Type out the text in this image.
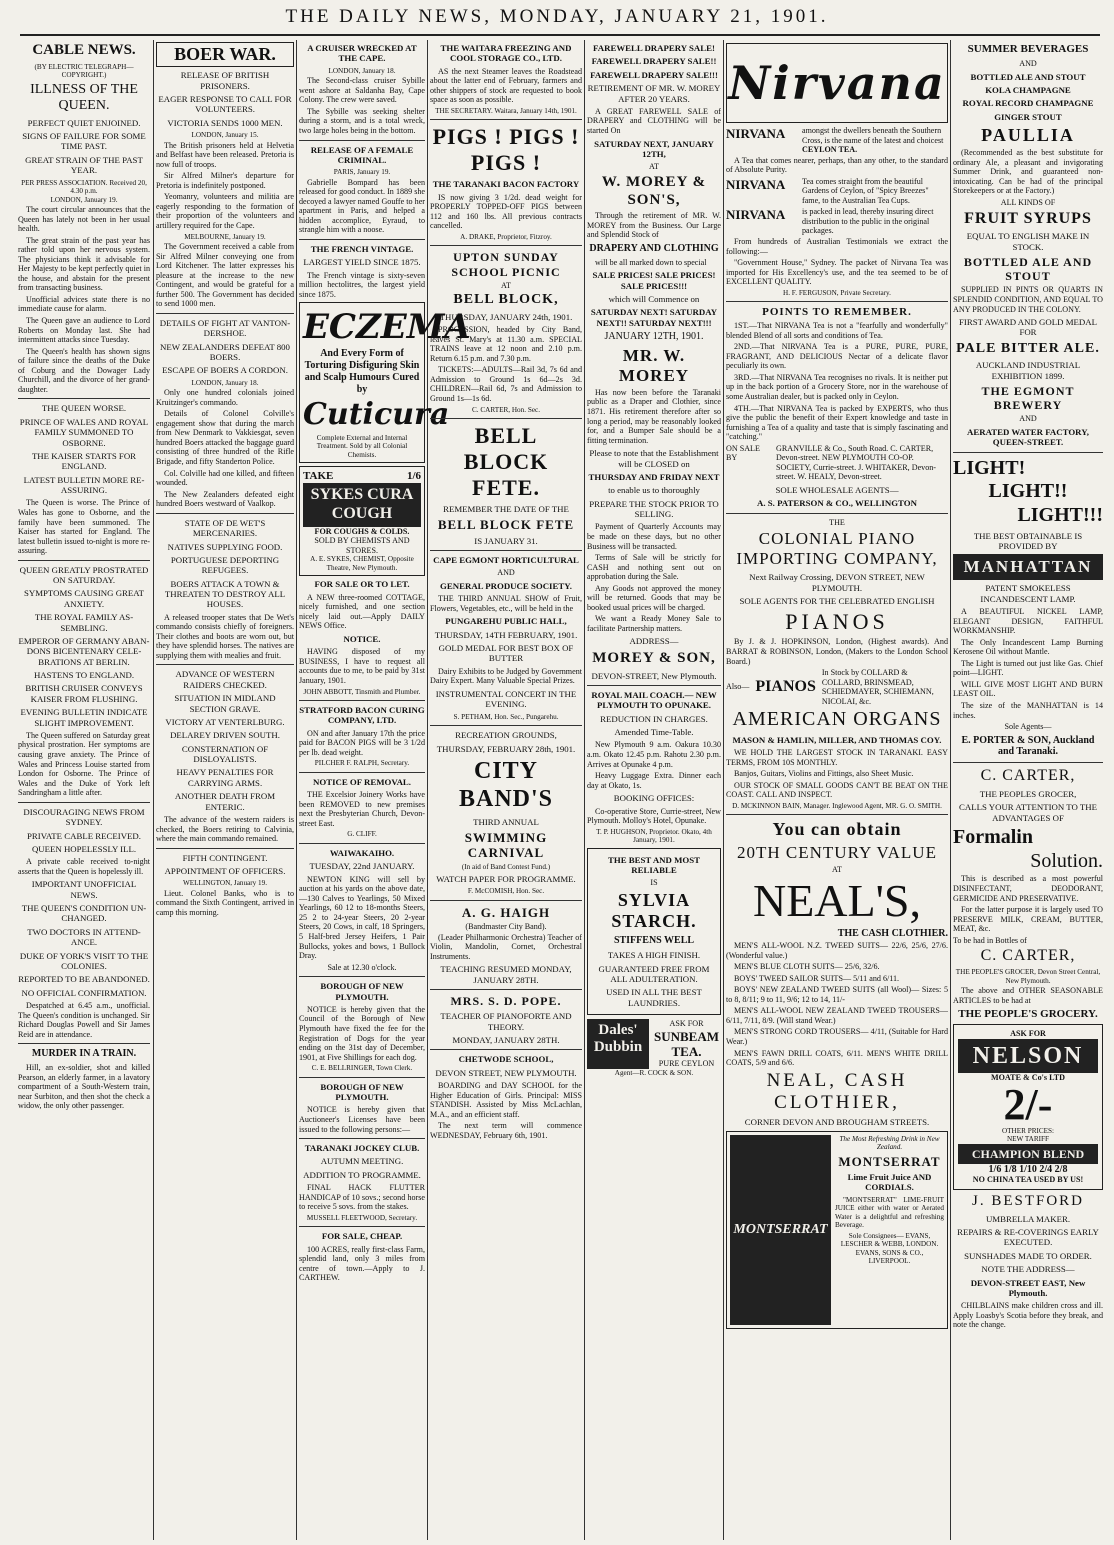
THE DAILY NEWS, MONDAY, JANUARY 21, 1901.
CABLE NEWS.
(BY ELECTRIC TELEGRAPH—COPYRIGHT.)
ILLNESS OF THE QUEEN.
PERFECT QUIET ENJOINED.
SIGNS OF FAILURE FOR SOME TIME PAST.
GREAT STRAIN OF THE PAST YEAR.
PER PRESS ASSOCIATION. Received 20, 4.30 p.m.
LONDON, January 19.

The court circular announces that the Queen has lately not been in her usual health.

The great strain of the past year has rather told upon her nervous system. The physicians think it advisable for Her Majesty to be kept perfectly quiet in the house, and abstain for the present from transacting business.

Unofficial advices state there is no immediate cause for alarm.

The Queen gave an audience to Lord Roberts on Monday last. She had intermittent attacks since Tuesday.

The Queen's health has shown signs of failure since the deaths of the Duke of Coburg and the Dowager Lady Churchill, and the divorce of her grand-daughter.

THE QUEEN WORSE.
PRINCE OF WALES AND ROYAL FAMILY SUMMONED TO OSBORNE.
THE KAISER STARTS FOR ENGLAND.
LATEST BULLETIN MORE RE-ASSURING.

The Queen is worse. The Prince of Wales has gone to Osborne, and the family have been summoned. The Kaiser has started for England. The latest bulletin issued to-night is more re-assuring.

QUEEN GREATLY PROSTRATED ON SATURDAY.
SYMPTOMS CAUSING GREAT ANXIETY.
THE ROYAL FAMILY AS-SEMBLING.
EMPEROR OF GERMANY ABAN-DONS BICENTENARY CELE-BRATIONS AT BERLIN.
HASTENS TO ENGLAND.
BRITISH CRUISER CONVEYS KAISER FROM FLUSHING.
EVENING BULLETIN INDICATE SLIGHT IMPROVEMENT.

The Queen suffered on Saturday great physical prostration. Her symptoms are causing grave anxiety. The Prince of Wales and Princess Louise started from London for Osborne. The Prince of Wales and the Duke of York left Sandringham a little after.

DISCOURAGING NEWS FROM SYDNEY.
PRIVATE CABLE RECEIVED.
QUEEN HOPELESSLY ILL.

A private cable received to-night asserts that the Queen is hopelessly ill.

IMPORTANT UNOFFICIAL NEWS.
THE QUEEN'S CONDITION UN-CHANGED.
TWO DOCTORS IN ATTEND-ANCE.
DUKE OF YORK'S VISIT TO THE COLONIES.
REPORTED TO BE ABANDONED.
NO OFFICIAL CONFIRMATION.

Despatched at 6.45 a.m., unofficial. The Queen's condition is unchanged. Sir Richard Douglas Powell and Sir James Reid are in attendance.

MURDER IN A TRAIN.

Hill, an ex-soldier, shot and killed Pearson, an elderly farmer, in a lavatory compartment of a South-Western train, near Surbiton, and then shot the check a widow, the only other passenger.

BOER WAR.
RELEASE OF BRITISH PRISONERS.
EAGER RESPONSE TO CALL FOR VOLUNTEERS.
VICTORIA SENDS 1000 MEN.
LONDON, January 15.

The British prisoners held at Helvetia and Belfast have been released. Pretoria is now full of troops.

Sir Alfred Milner's departure for Pretoria is indefinitely postponed.

Yeomanry, volunteers and militia are eagerly responding to the formation of their proportion of the volunteers and artillery required for the Cape.

MELBOURNE, January 19.

The Government received a cable from Sir Alfred Milner conveying one from Lord Kitchener. The latter expresses his pleasure at the increase to the new Contingent, and would be grateful for a further 500. The Government has decided to send 1000 men.

DETAILS OF FIGHT AT VANTON-DERSHOE.
NEW ZEALANDERS DEFEAT 800 BOERS.
ESCAPE OF BOERS A CORDON.
LONDON, January 18.

Only one hundred colonials joined Kruitzinger's commando.

Details of Colonel Colville's engagement show that during the march from New Denmark to Vakkiesgat, seven hundred Boers attacked the baggage guard consisting of three hundred of the Rifle Brigade, and fifty Standerton Police.

Col. Colville had one killed, and fifteen wounded.

The New Zealanders defeated eight hundred Boers westward of Vaalkop.

STATE OF DE WET'S MERCENARIES.
NATIVES SUPPLYING FOOD.
PORTUGUESE DEPORTING REFUGEES.
BOERS ATTACK A TOWN & THREATEN TO DESTROY ALL HOUSES.

A released trooper states that De Wet's commando consists chiefly of foreigners. Their clothes and boots are worn out, but they have splendid horses. The natives are supplying them with mealies and fruit.

ADVANCE OF WESTERN RAIDERS CHECKED.
SITUATION IN MIDLAND SECTION GRAVE.
VICTORY AT VENTERLBURG.
DELAREY DRIVEN SOUTH.
CONSTERNATION OF DISLOYALISTS.
HEAVY PENALTIES FOR CARRYING ARMS.
ANOTHER DEATH FROM ENTERIC.

The advance of the western raiders is checked, the Boers retiring to Calvinia, where the main commando remained.

FIFTH CONTINGENT.
APPOINTMENT OF OFFICERS.
WELLINGTON, January 19.

Lieut. Colonel Banks, who is to command the Sixth Contingent, arrived in camp this morning.

A CRUISER WRECKED AT THE CAPE.
LONDON, January 18.

The Second-class cruiser Sybille went ashore at Saldanha Bay, Cape Colony. The crew were saved.

The Sybille was seeking shelter during a storm, and is a total wreck, two large holes being in the bottom.

RELEASE OF A FEMALE CRIMINAL.
PARIS, January 19.

Gabrielle Bompard has been released for good conduct. In 1889 she decoyed a lawyer named Gouffe to her apartment in Paris, and helped a hidden accomplice, Eyraud, to strangle him with a noose.

THE FRENCH VINTAGE.
LARGEST YIELD SINCE 1875.

The French vintage is sixty-seven million hectolitres, the largest yield since 1875.

ECZEMA
And Every Form of Torturing Disfiguring Skin and Scalp Humours Cured by
Cuticura
Complete External and Internal Treatment. Sold by all Colonial Chemists.
TAKE	1/6
SYKES CURA COUGH
FOR COUGHS & COLDS.
SOLD BY CHEMISTS AND STORES.
A. E. SYKES, CHEMIST, Opposite Theatre, New Plymouth.
FOR SALE OR TO LET.

A NEW three-roomed COTTAGE, nicely furnished, and one section nicely laid out.—Apply DAILY NEWS Office.

NOTICE.

HAVING disposed of my BUSINESS, I have to request all accounts due to me, to be paid by 31st January, 1901.

JOHN ABBOTT, Tinsmith and Plumber.
STRATFORD BACON CURING COMPANY, LTD.

ON and after January 17th the price paid for BACON PIGS will be 3 1/2d per lb. dead weight.

PILCHER F. RALPH, Secretary.
NOTICE OF REMOVAL.

THE Excelsior Joinery Works have been REMOVED to new premises next the Presbyterian Church, Devon-street East.

G. CLIFF.
WAIWAKAIHO.
TUESDAY, 22nd JANUARY.

NEWTON KING will sell by auction at his yards on the above date,—130 Calves to Yearlings, 50 Mixed Yearlings, 60 12 to 18-months Steers, 25 2 to 24-year Steers, 20 2-year Steers, 20 Cows, in calf, 18 Springers, 5 Half-bred Jersey Heifers, 1 Pair Bullocks, yokes and bows, 1 Bullock Dray.

Sale at 12.30 o'clock.
BOROUGH OF NEW PLYMOUTH.

NOTICE is hereby given that the Council of the Borough of New Plymouth have fixed the fee for the Registration of Dogs for the year ending on the 31st day of December, 1901, at Five Shillings for each dog.

C. E. BELLRINGER, Town Clerk.
BOROUGH OF NEW PLYMOUTH.

NOTICE is hereby given that Auctioneer's Licenses have been issued to the following persons:—

TARANAKI JOCKEY CLUB.
AUTUMN MEETING.
ADDITION TO PROGRAMME.

FINAL HACK FLUTTER HANDICAP of 10 sovs.; second horse to receive 5 sovs. from the stakes.

MUSSELL FLEETWOOD, Secretary.
FOR SALE, CHEAP.

100 ACRES, really first-class Farm, splendid land, only 3 miles from centre of town.—Apply to J. CARTHEW.

THE WAITARA FREEZING AND COOL STORAGE CO., LTD.

AS the next Steamer leaves the Roadstead about the latter end of February, farmers and other shippers of stock are requested to book space as soon as possible.

THE SECRETARY. Waitara, January 14th, 1901.
PIGS ! PIGS ! PIGS !
THE TARANAKI BACON FACTORY

IS now giving 3 1/2d. dead weight for PROPERLY TOPPED-OFF PIGS between 112 and 160 lbs. All previous contracts cancelled.

A. DRAKE, Proprietor, Fitzroy.
UPTON SUNDAY SCHOOL PICNIC
AT
BELL BLOCK,
THURSDAY, JANUARY 24th, 1901.

PROCESSION, headed by City Band, leaves St. Mary's at 11.30 a.m. SPECIAL TRAINS leave at 12 noon and 2.10 p.m. Return 6.15 p.m. and 7.30 p.m.

TICKETS:—ADULTS—Rail 3d, 7s 6d and Admission to Ground 1s 6d—2s 3d. CHILDREN—Rail 6d, 7s and Admission to Ground 1s—1s 6d.

C. CARTER, Hon. Sec.
BELL BLOCK FETE.
REMEMBER THE DATE OF THE
BELL BLOCK FETE
IS JANUARY 31.
CAPE EGMONT HORTICULTURAL
AND
GENERAL PRODUCE SOCIETY.

THE THIRD ANNUAL SHOW of Fruit, Flowers, Vegetables, etc., will be held in the

PUNGAREHU PUBLIC HALL,
THURSDAY, 14TH FEBRUARY, 1901.
GOLD MEDAL FOR BEST BOX OF BUTTER

Dairy Exhibits to be Judged by Government Dairy Expert. Many Valuable Special Prizes.

INSTRUMENTAL CONCERT IN THE EVENING.
S. PETHAM, Hon. Sec., Pungarehu.
RECREATION GROUNDS,
THURSDAY, FEBRUARY 28th, 1901.
CITY BAND'S
THIRD ANNUAL
SWIMMING CARNIVAL
(In aid of Band Contest Fund.)
WATCH PAPER FOR PROGRAMME.
F. McCOMISH, Hon. Sec.
A. G. HAIGH
(Bandmaster City Band).

(Leader Philharmonic Orchestra) Teacher of Violin, Mandolin, Cornet, Orchestral Instruments.

TEACHING RESUMED MONDAY, JANUARY 28TH.
MRS. S. D. POPE.
TEACHER OF PIANOFORTE AND THEORY.
MONDAY, JANUARY 28TH.
CHETWODE SCHOOL,
DEVON STREET, NEW PLYMOUTH.

BOARDING and DAY SCHOOL for the Higher Education of Girls. Principal: MISS STANDISH. Assisted by Miss McLachlan, M.A., and an efficient staff.

The next term will commence WEDNESDAY, February 6th, 1901.

FAREWELL DRAPERY SALE!
FAREWELL DRAPERY SALE!!
FAREWELL DRAPERY SALE!!!
RETIREMENT OF MR. W. MOREY AFTER 20 YEARS.

A GREAT FAREWELL SALE of DRAPERY and CLOTHING will be started On

SATURDAY NEXT, JANUARY 12TH,
AT
W. MOREY & SON'S,

Through the retirement of MR. W. MOREY from the Business. Our Large and Splendid Stock of

DRAPERY AND CLOTHING

will be all marked down to special

SALE PRICES! SALE PRICES! SALE PRICES!!!
which will Commence on
SATURDAY NEXT! SATURDAY NEXT!! SATURDAY NEXT!!!
JANUARY 12TH, 1901.
MR. W. MOREY

Has now been before the Taranaki public as a Draper and Clothier, since 1871. His retirement therefore after so long a period, may be reasonably looked for, and a Bumper Sale should be a fitting termination.

Please to note that the Establishment will be CLOSED on
THURSDAY AND FRIDAY NEXT
to enable us to thoroughly
PREPARE THE STOCK PRIOR TO SELLING.

Payment of Quarterly Accounts may be made on these days, but no other Business will be transacted.

Terms of Sale will be strictly for CASH and nothing sent out on approbation during the Sale.

Any Goods not approved the money will be returned. Goods that may be booked usual prices will be charged.

We want a Ready Money Sale to facilitate Partnership matters.

ADDRESS—
MOREY & SON,
DEVON-STREET, New Plymouth.
ROYAL MAIL COACH.— NEW PLYMOUTH TO OPUNAKE.
REDUCTION IN CHARGES.
Amended Time-Table.

New Plymouth 9 a.m. Oakura 10.30 a.m. Okato 12.45 p.m. Rahotu 2.30 p.m. Arrives at Opunake 4 p.m.

Heavy Luggage Extra. Dinner each day at Okato, 1s.

BOOKING OFFICES:

Co-operative Store, Currie-street, New Plymouth. Molloy's Hotel, Opunake.

T. P. HUGHSON, Proprietor. Okato, 4th January, 1901.
THE BEST AND MOST RELIABLE
IS
SYLVIA STARCH.
STIFFENS WELL
TAKES A HIGH FINISH.
GUARANTEED FREE FROM ALL ADULTERATION.
USED IN ALL THE BEST LAUNDRIES.
Dales' Dubbin
ASK FOR
SUNBEAM TEA.
PURE CEYLON
Agent—R. COCK & SON.
Nirvana
NIRVANA	amongst the dwellers beneath the Southern Cross, is the name of the latest and choicest CEYLON TEA.

A Tea that comes nearer, perhaps, than any other, to the standard of Absolute Purity.

NIRVANA	Tea comes straight from the beautiful Gardens of Ceylon, of "Spicy Breezes" fame, to the Australian Tea Cups.
NIRVANA	is packed in lead, thereby insuring direct distribution to the public in the original packages.

From hundreds of Australian Testimonials we extract the following:—

"Government House," Sydney. The packet of Nirvana Tea was imported for His Excellency's use, and the tea seemed to be of EXCELLENT QUALITY.

H. F. FERGUSON, Private Secretary.
POINTS TO REMEMBER.

1ST.—That NIRVANA Tea is not a "fearfully and wonderfully" blended Blend of all sorts and conditions of Tea.

2ND.—That NIRVANA Tea is a PURE, PURE, PURE, FRAGRANT, AND DELICIOUS Nectar of a delicate flavor peculiarly its own.

3RD.—That NIRVANA Tea recognises no rivals. It is neither put up in the back portion of a Grocery Store, nor in the warehouse of some Australian dealer, but is packed only in Ceylon.

4TH.—That NIRVANA Tea is packed by EXPERTS, who thus give the public the benefit of their Expert knowledge and taste in furnishing a Tea of a quality and taste that is simply fascinating and "catching."

ON SALE BY
GRANVILLE & Co., South Road. C. CARTER, Devon-street. NEW PLYMOUTH CO-OP. SOCIETY, Currie-street. J. WHITAKER, Devon-street. W. HEALY, Devon-street.
SOLE WHOLESALE AGENTS—
A. S. PATERSON & CO., WELLINGTON
THE
COLONIAL PIANO IMPORTING COMPANY,
Next Railway Crossing, DEVON STREET, NEW PLYMOUTH.
SOLE AGENTS FOR THE CELEBRATED ENGLISH
PIANOS

By J. & J. HOPKINSON, London, (Highest awards). And BARRAT & ROBINSON, London, (Makers to the London School Board.)

Also— PIANOS
In Stock by COLLARD & COLLARD, BRINSMEAD, SCHIEDMAYER, SCHIEMANN, NICOLAI, &c.
AMERICAN ORGANS
MASON & HAMLIN, MILLER, AND THOMAS COY.

WE HOLD THE LARGEST STOCK IN TARANAKI. EASY TERMS, FROM 10S MONTHLY.

Banjos, Guitars, Violins and Fittings, also Sheet Music.

OUR STOCK OF SMALL GOODS CAN'T BE BEAT ON THE COAST. CALL AND INSPECT.

D. MCKINNON BAIN, Manager. Inglewood Agent, MR. G. O. SMITH.
You can obtain
20TH CENTURY VALUE
AT
NEAL'S,
THE CASH CLOTHIER.

MEN'S ALL-WOOL N.Z. TWEED SUITS— 22/6, 25/6, 27/6. (Wonderful value.)

MEN'S BLUE CLOTH SUITS— 25/6, 32/6.

BOYS' TWEED SAILOR SUITS— 5/11 and 6/11.

BOYS' NEW ZEALAND TWEED SUITS (all Wool)— Sizes: 5 to 8, 8/11; 9 to 11, 9/6; 12 to 14, 11/-

MEN'S ALL-WOOL NEW ZEALAND TWEED TROUSERS— 6/11, 7/11, 8/9. (Will stand Wear.)

MEN'S STRONG CORD TROUSERS— 4/11, (Suitable for Hard Wear.)

MEN'S FAWN DRILL COATS, 6/11. MEN'S WHITE DRILL COATS, 5/9 and 6/6.

NEAL, CASH CLOTHIER,
CORNER DEVON AND BROUGHAM STREETS.
MONTSERRAT
The Most Refreshing Drink in New Zealand.
MONTSERRAT
Lime Fruit Juice AND CORDIALS.

"MONTSERRAT" LIME-FRUIT JUICE either with water or Aerated Water is a delightful and refreshing Beverage.

Sole Consignees— EVANS, LESCHER & WEBB, LONDON. EVANS, SONS & CO., LIVERPOOL.
SUMMER BEVERAGES
AND
BOTTLED ALE AND STOUT
KOLA CHAMPAGNE
ROYAL RECORD CHAMPAGNE
GINGER STOUT
PAULLIA

(Recommended as the best substitute for ordinary Ale, a pleasant and invigorating Summer Drink, and guaranteed non-intoxicating. Can be had of the principal Storekeepers or at the Factory.)

ALL KINDS OF
FRUIT SYRUPS
EQUAL TO ENGLISH MAKE IN STOCK.
BOTTLED ALE AND STOUT

SUPPLIED IN PINTS OR QUARTS IN SPLENDID CONDITION, AND EQUAL TO ANY PRODUCED IN THE COLONY.

FIRST AWARD AND GOLD MEDAL FOR
PALE BITTER ALE.
AUCKLAND INDUSTRIAL EXHIBITION 1899.
THE EGMONT BREWERY
AND
AERATED WATER FACTORY, QUEEN-STREET.
LIGHT!
LIGHT!!
LIGHT!!!
THE BEST OBTAINABLE IS PROVIDED BY
MANHATTAN
PATENT SMOKELESS INCANDESCENT LAMP.

A BEAUTIFUL NICKEL LAMP, ELEGANT DESIGN, FAITHFUL WORKMANSHIP.

The Only Incandescent Lamp Burning Kerosene Oil without Mantle.

The Light is turned out just like Gas. Chief point—LIGHT.

WILL GIVE MOST LIGHT AND BURN LEAST OIL.

The size of the MANHATTAN is 14 inches.

Sole Agents—
E. PORTER & SON, Auckland and Taranaki.
C. CARTER,
THE PEOPLES GROCER,
CALLS YOUR ATTENTION TO THE ADVANTAGES OF
Formalin
Solution.

This is described as a most powerful DISINFECTANT, DEODORANT, GERMICIDE AND PRESERVATIVE.

For the latter purpose it is largely used TO PRESERVE MILK, CREAM, BUTTER, MEAT, &c.

To be had in Bottles of
C. CARTER,
THE PEOPLE'S GROCER, Devon Street Central, New Plymouth.

The above and OTHER SEASONABLE ARTICLES to be had at

THE PEOPLE'S GROCERY.
ASK FOR
NELSON
MOATE & Co's LTD
2/-
OTHER PRICES:
NEW TARIFF
CHAMPION BLEND
1/6 1/8 1/10 2/4 2/8
NO CHINA TEA USED BY US!
J. BESTFORD
UMBRELLA MAKER.
REPAIRS & RE-COVERINGS EARLY EXECUTED.
SUNSHADES MADE TO ORDER.
NOTE THE ADDRESS—
DEVON-STREET EAST, New Plymouth.

CHILBLAINS make children cross and ill. Apply Loasby's Scotia before they break, and note the change.
